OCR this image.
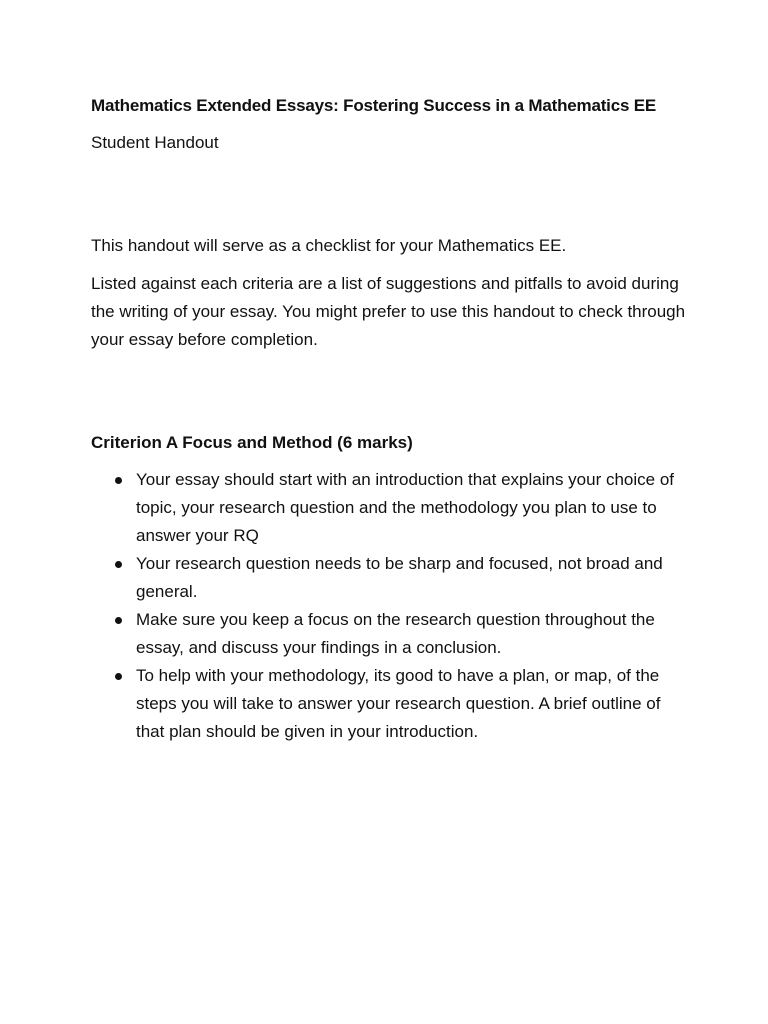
Mathematics Extended Essays: Fostering Success in a Mathematics EE

Student Handout

This handout will serve as a checklist for your Mathematics EE.

Listed against each criteria are a list of suggestions and pitfalls to avoid during the writing of your essay. You might prefer to use this handout to check through your essay before completion.

Criterion A Focus and Method (6 marks)
Your essay should start with an introduction that explains your choice of topic, your research question and the methodology you plan to use to answer your RQ
Your research question needs to be sharp and focused, not broad and general.
Make sure you keep a focus on the research question throughout the essay, and discuss your findings in a conclusion.
To help with your methodology, its good to have a plan, or map, of the steps you will take to answer your research question. A brief outline of that plan should be given in your introduction.
